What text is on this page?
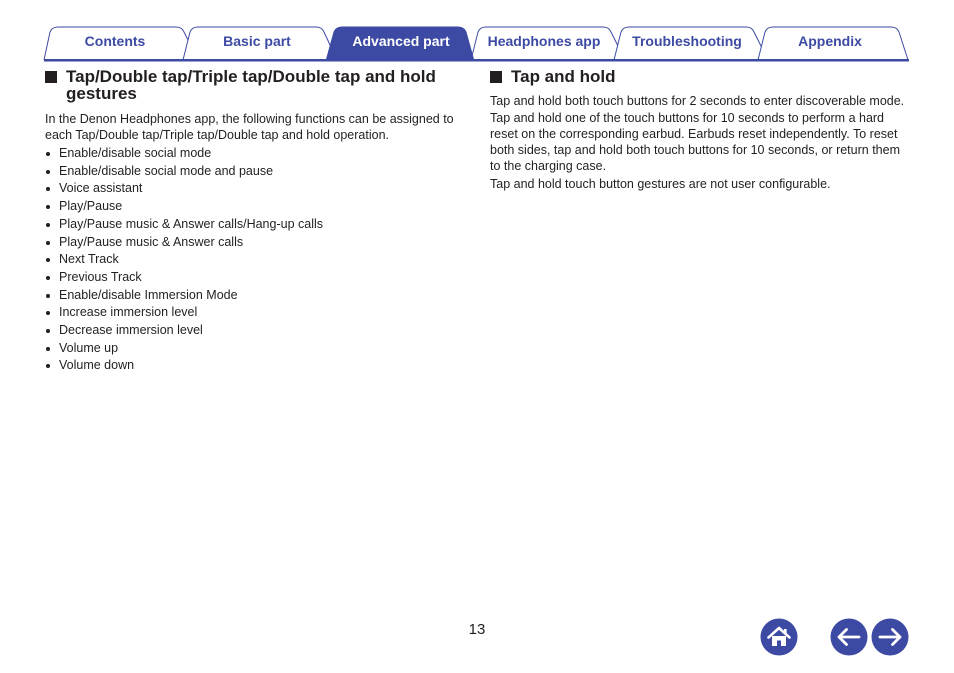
Contents	Basic part	Advanced part	Headphones app	Troubleshooting	Appendix
Tap/Double tap/Triple tap/Double tap and hold gestures

In the Denon Headphones app, the following functions can be assigned to each Tap/Double tap/Triple tap/Double tap and hold operation.

Enable/disable social mode
Enable/disable social mode and pause
Voice assistant
Play/Pause
Play/Pause music & Answer calls/Hang-up calls
Play/Pause music & Answer calls
Next Track
Previous Track
Enable/disable Immersion Mode
Increase immersion level
Decrease immersion level
Volume up
Volume down
Tap and hold

Tap and hold both touch buttons for 2 seconds to enter discoverable mode.

Tap and hold one of the touch buttons for 10 seconds to perform a hard reset on the corresponding earbud. Earbuds reset independently. To reset both sides, tap and hold both touch buttons for 10 seconds, or return them to the charging case.

Tap and hold touch button gestures are not user configurable.

13
